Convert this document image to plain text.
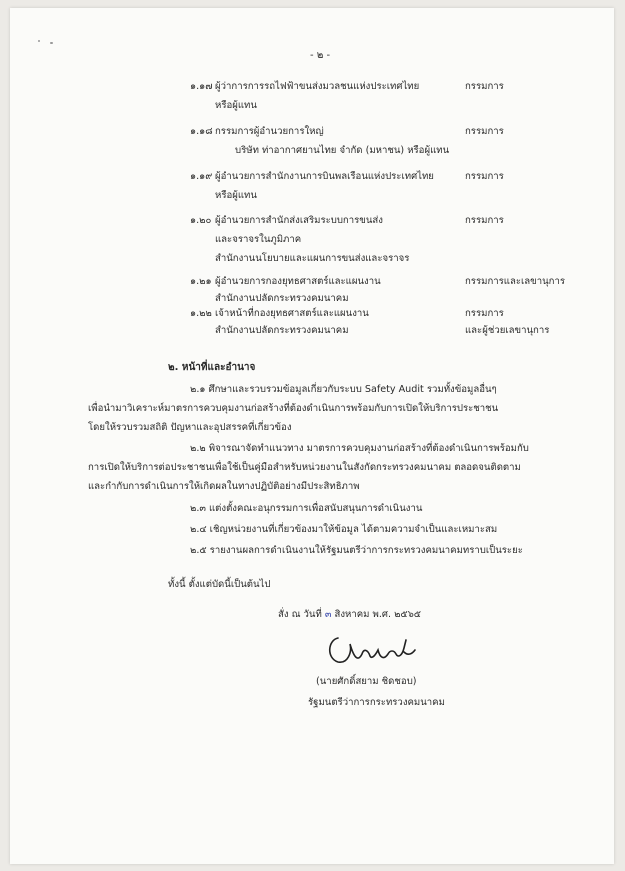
- ๒ -
๑.๑๗ ผู้ว่าการการรถไฟฟ้าขนส่งมวลชนแห่งประเทศไทย
หรือผู้แทน
กรรมการ
๑.๑๘ กรรมการผู้อำนวยการใหญ่
บริษัท ท่าอากาศยานไทย จำกัด (มหาชน) หรือผู้แทน
กรรมการ
๑.๑๙ ผู้อำนวยการสำนักงานการบินพลเรือนแห่งประเทศไทย
หรือผู้แทน
กรรมการ
๑.๒๐ ผู้อำนวยการสำนักส่งเสริมระบบการขนส่ง
และจราจรในภูมิภาค
สำนักงานนโยบายและแผนการขนส่งและจราจร
กรรมการ
๑.๒๑ ผู้อำนวยการกองยุทธศาสตร์และแผนงาน
สำนักงานปลัดกระทรวงคมนาคม
กรรมการและเลขานุการ
๑.๒๒ เจ้าหน้าที่กองยุทธศาสตร์และแผนงาน
สำนักงานปลัดกระทรวงคมนาคม
กรรมการ
และผู้ช่วยเลขานุการ
๒. หน้าที่และอำนาจ
๒.๑ ศึกษาและรวบรวมข้อมูลเกี่ยวกับระบบ Safety Audit รวมทั้งข้อมูลอื่นๆ
เพื่อนำมาวิเคราะห์มาตรการควบคุมงานก่อสร้างที่ต้องดำเนินการพร้อมกับการเปิดให้บริการประชาชน
โดยให้รวบรวมสถิติ ปัญหาและอุปสรรคที่เกี่ยวข้อง
๒.๒ พิจารณาจัดทำแนวทาง มาตรการควบคุมงานก่อสร้างที่ต้องดำเนินการพร้อมกับ
การเปิดให้บริการต่อประชาชนเพื่อใช้เป็นคู่มือสำหรับหน่วยงานในสังกัดกระทรวงคมนาคม ตลอดจนติดตาม
และกำกับการดำเนินการให้เกิดผลในทางปฏิบัติอย่างมีประสิทธิภาพ
๒.๓ แต่งตั้งคณะอนุกรรมการเพื่อสนับสนุนการดำเนินงาน
๒.๔ เชิญหน่วยงานที่เกี่ยวข้องมาให้ข้อมูล ได้ตามความจำเป็นและเหมาะสม
๒.๕ รายงานผลการดำเนินงานให้รัฐมนตรีว่าการกระทรวงคมนาคมทราบเป็นระยะ
ทั้งนี้ ตั้งแต่บัดนี้เป็นต้นไป
สั่ง ณ วันที่ ๓ สิงหาคม พ.ศ. ๒๕๖๕
(นายศักดิ์สยาม ชิดชอบ)
รัฐมนตรีว่าการกระทรวงคมนาคม
